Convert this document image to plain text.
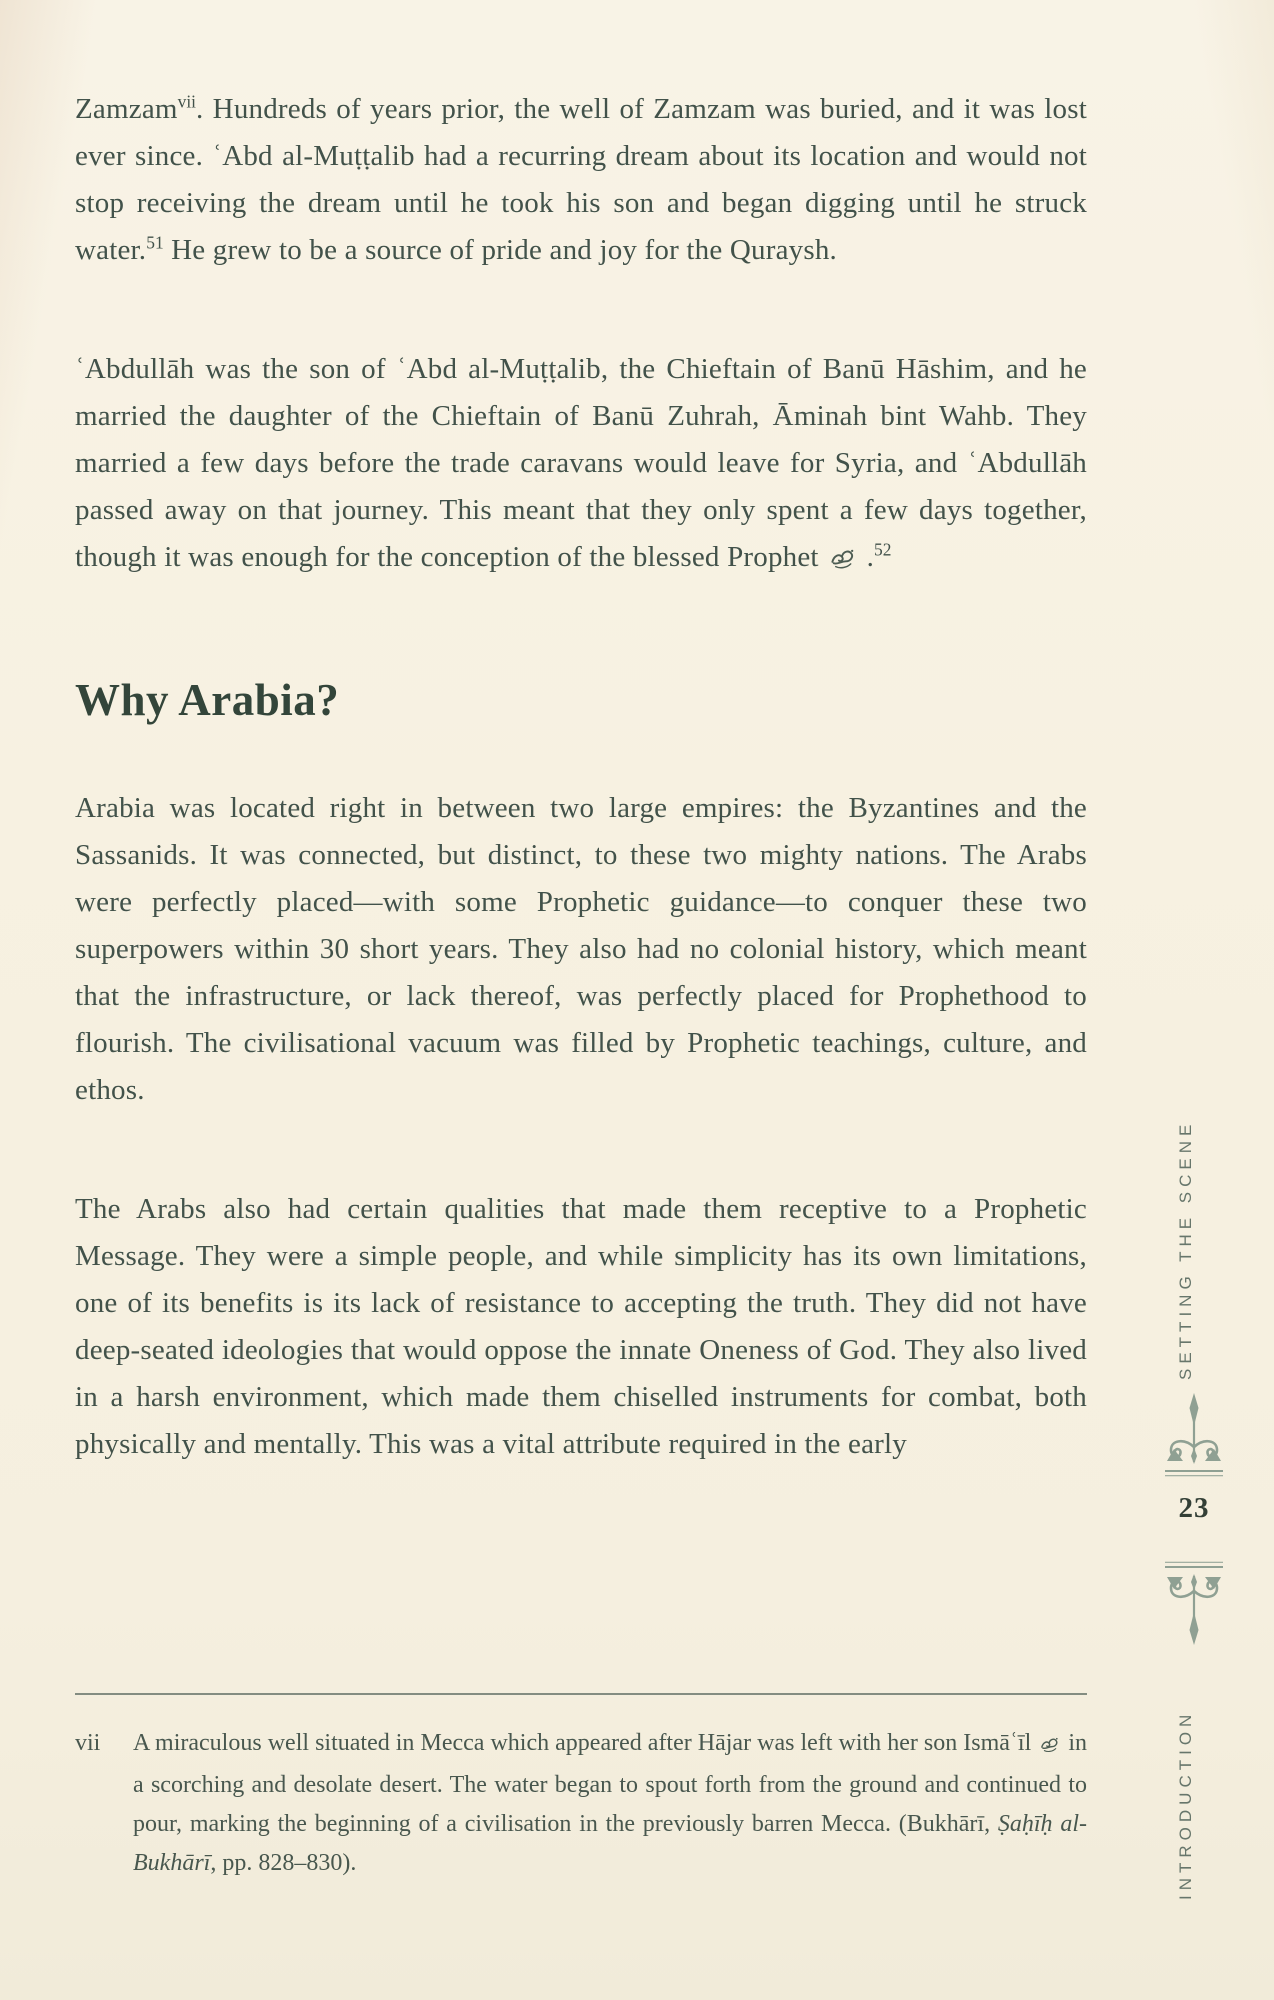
Zamzam$^{vii}$. Hundreds of years prior, the well of Zamzam was buried, and it was lost ever since. ʿAbd al-Muṭṭalib had a recurring dream about its location and would not stop receiving the dream until he took his son and began digging until he struck water.$^{51}$ He grew to be a source of pride and joy for the Quraysh.

ʿAbdullāh was the son of ʿAbd al-Muṭṭalib, the Chieftain of Banū Hāshim, and he married the daughter of the Chieftain of Banū Zuhrah, Āminah bint Wahb. They married a few days before the trade caravans would leave for Syria, and ʿAbdullāh passed away on that journey. This meant that they only spent a few days together, though it was enough for the conception of the blessed Prophet  .$^{52}$

Why Arabia?

Arabia was located right in between two large empires: the Byzantines and the Sassanids. It was connected, but distinct, to these two mighty nations. The Arabs were perfectly placed—with some Prophetic guidance—to conquer these two superpowers within 30 short years. They also had no colonial history, which meant that the infrastructure, or lack thereof, was perfectly placed for Prophethood to flourish. The civilisational vacuum was filled by Prophetic teachings, culture, and ethos.

The Arabs also had certain qualities that made them receptive to a Prophetic Message. They were a simple people, and while simplicity has its own limitations, one of its benefits is its lack of resistance to accepting the truth. They did not have deep-seated ideologies that would oppose the innate Oneness of God. They also lived in a harsh environment, which made them chiselled instruments for combat, both physically and mentally. This was a vital attribute required in the early

vii	A miraculous well situated in Mecca which appeared after Hājar was left with her son Ismāʿīl  in a scorching and desolate desert. The water began to spout forth from the ground and continued to pour, marking the beginning of a civilisation in the previously barren Mecca. (Bukhārī, Ṣaḥīḥ al-Bukhārī, pp. 828–830).
SETTING THE SCENE
23
INTRODUCTION
